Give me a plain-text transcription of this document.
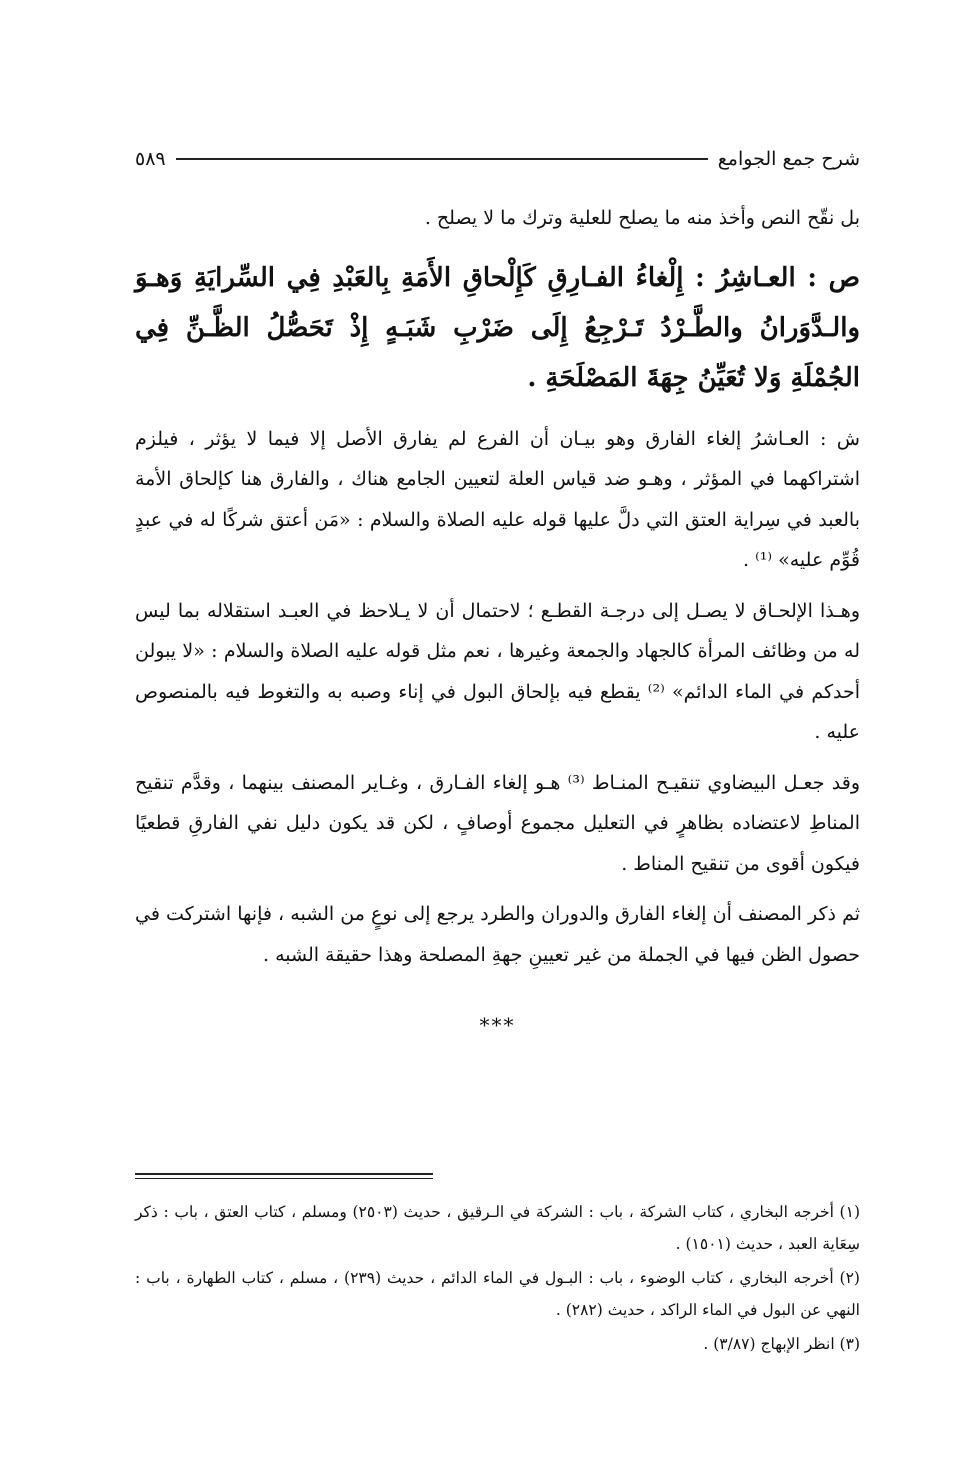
شرح جمع الجوامع
٥٨٩

بل نقّح النص وأخذ منه ما يصلح للعلية وترك ما لا يصلح .

ص : العـاشِرُ : إِلْغاءُ الفـارِقِ كَإِلْحاقِ الأَمَةِ بِالعَبْدِ فِي السِّرايَةِ وَهـوَ والـدَّوَرانُ والطَّـرْدُ تَـرْجِعُ إِلَى ضَرْبِ شَبَـهٍ إِذْ تَحَصُّلُ الظَّـنِّ فِي الجُمْلَةِ وَلا تُعَيِّنُ جِهَةَ المَصْلَحَةِ .

ش : العـاشرُ إلغاء الفارق وهو بيـان أن الفرع لم يفارق الأصل إلا فيما لا يؤثر ، فيلزم اشتراكهما في المؤثر ، وهـو ضد قياس العلة لتعيين الجامع هناك ، والفارق هنا كإلحاق الأمة بالعبد في سِراية العتق التي دلَّ عليها قوله عليه الصلاة والسلام : «مَن أعتق شركًا له في عبدٍ قُوِّم عليه» ⁽¹⁾ .

وهـذا الإلحـاق لا يصـل إلى درجـة القطـع ؛ لاحتمال أن لا يـلاحظ في العبـد استقلاله بما ليس له من وظائف المرأة كالجهاد والجمعة وغيرها ، نعم مثل قوله عليه الصلاة والسلام : «لا يبولن أحدكم في الماء الدائم» ⁽²⁾ يقطع فيه بإلحاق البول في إناء وصبه به والتغوط فيه بالمنصوص عليه .

وقد جعـل البيضاوي تنقيـح المنـاط ⁽³⁾ هـو إلغاء الفـارق ، وغـاير المصنف بينهما ، وقدَّم تنقيح المناطِ لاعتضاده بظاهرٍ في التعليل مجموع أوصافٍ ، لكن قد يكون دليل نفي الفارقِ قطعيًا فيكون أقوى من تنقيح المناط .

ثم ذكر المصنف أن إلغاء الفارق والدوران والطرد يرجع إلى نوعٍ من الشبه ، فإنها اشتركت في حصول الظن فيها في الجملة من غير تعيينِ جهةِ المصلحة وهذا حقيقة الشبه .

***

(١) أخرجه البخاري ، كتاب الشركة ، باب : الشركة في الـرقيق ، حديث (٢٥٠٣) ومسلم ، كتاب العتق ، باب : ذكر سِعَاية العبد ، حديث (١٥٠١) .

(٢) أخرجه البخاري ، كتاب الوضوء ، باب : البـول في الماء الدائم ، حديث (٢٣٩) ، مسلم ، كتاب الطهارة ، باب : النهي عن البول في الماء الراكد ، حديث (٢٨٢) .

(٣) انظر الإبهاج (٣/٨٧) .
